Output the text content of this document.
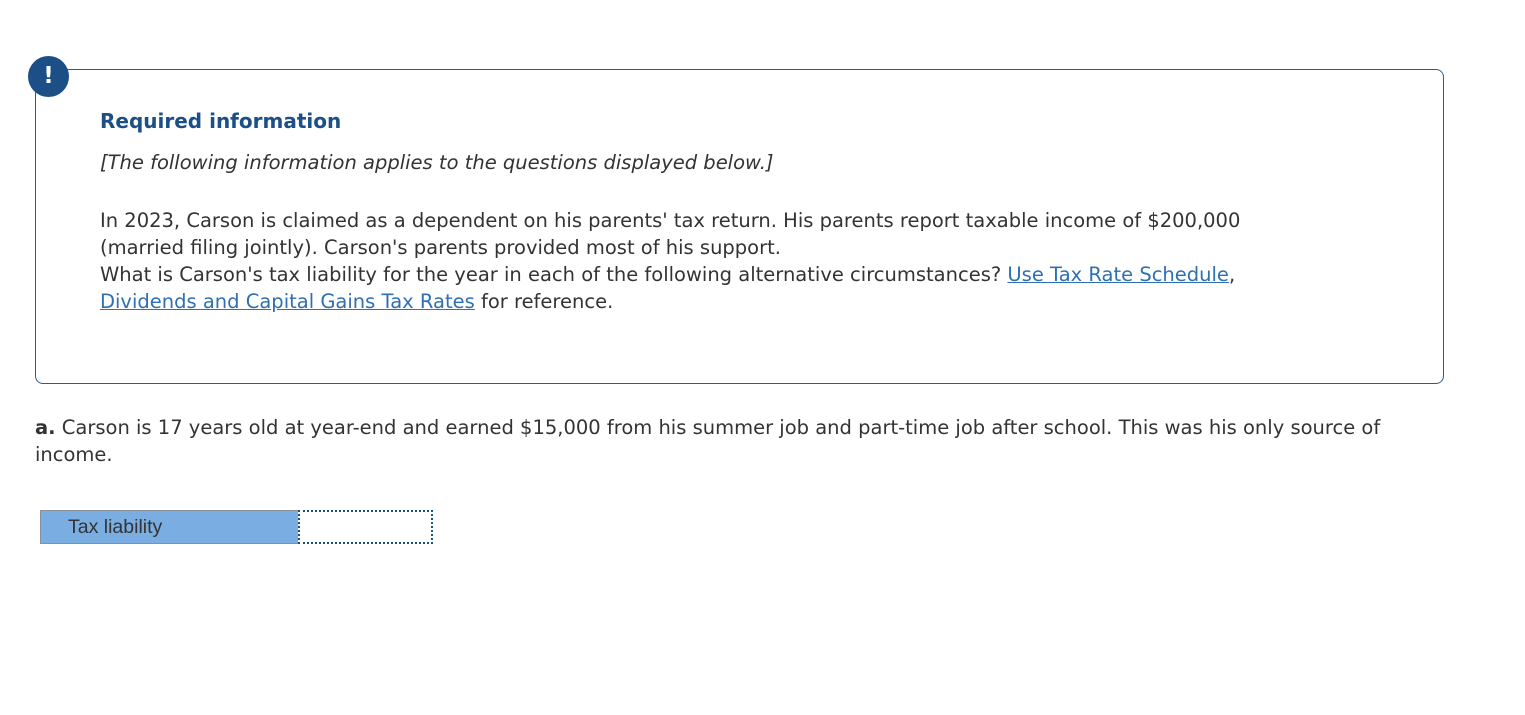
!
Required information

[The following information applies to the questions displayed below.]

In 2023, Carson is claimed as a dependent on his parents' tax return. His parents report taxable income of $200,000
(married filing jointly). Carson's parents provided most of his support.
What is Carson's tax liability for the year in each of the following alternative circumstances? Use Tax Rate Schedule,
Dividends and Capital Gains Tax Rates for reference.

a. Carson is 17 years old at year-end and earned $15,000 from his summer job and part-time job after school. This was his only source of income.

Tax liability
